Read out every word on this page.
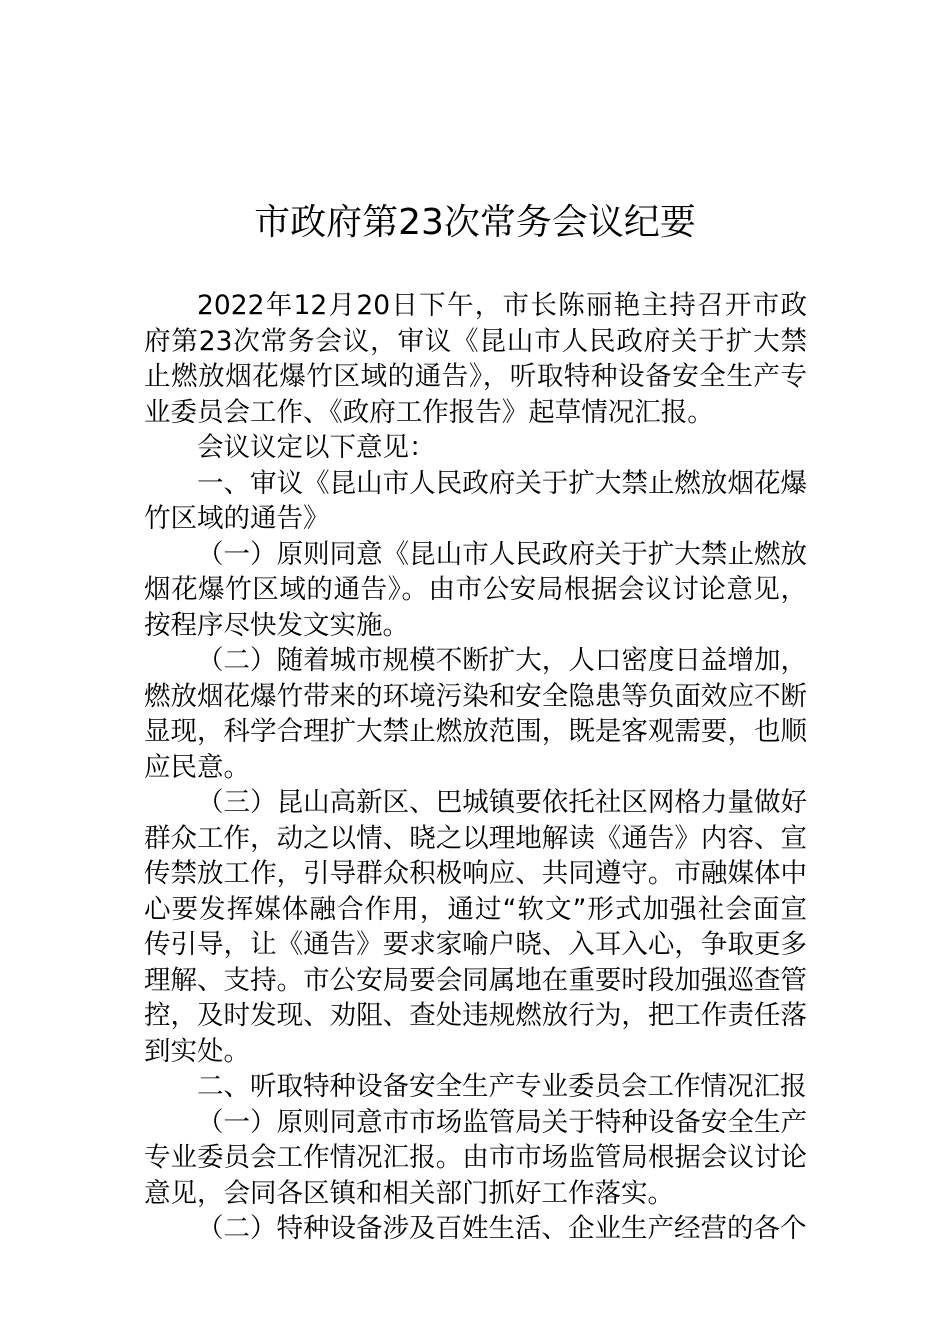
市政府第23次常务会议纪要

2022年12月20日下午，市长陈丽艳主持召开市政府第23次常务会议，审议《昆山市人民政府关于扩大禁止燃放烟花爆竹区域的通告》，听取特种设备安全生产专业委员会工作、《政府工作报告》起草情况汇报。

会议议定以下意见：

一、审议《昆山市人民政府关于扩大禁止燃放烟花爆竹区域的通告》

（一）原则同意《昆山市人民政府关于扩大禁止燃放烟花爆竹区域的通告》。由市公安局根据会议讨论意见，按程序尽快发文实施。

（二）随着城市规模不断扩大，人口密度日益增加，燃放烟花爆竹带来的环境污染和安全隐患等负面效应不断显现，科学合理扩大禁止燃放范围，既是客观需要，也顺应民意。

（三）昆山高新区、巴城镇要依托社区网格力量做好群众工作，动之以情、晓之以理地解读《通告》内容、宣传禁放工作，引导群众积极响应、共同遵守。市融媒体中心要发挥媒体融合作用，通过“软文”形式加强社会面宣传引导，让《通告》要求家喻户晓、入耳入心，争取更多理解、支持。市公安局要会同属地在重要时段加强巡查管控，及时发现、劝阻、查处违规燃放行为，把工作责任落到实处。

二、听取特种设备安全生产专业委员会工作情况汇报

（一）原则同意市市场监管局关于特种设备安全生产专业委员会工作情况汇报。由市市场监管局根据会议讨论意见，会同各区镇和相关部门抓好工作落实。

（二）特种设备涉及百姓生活、企业生产经营的各个
